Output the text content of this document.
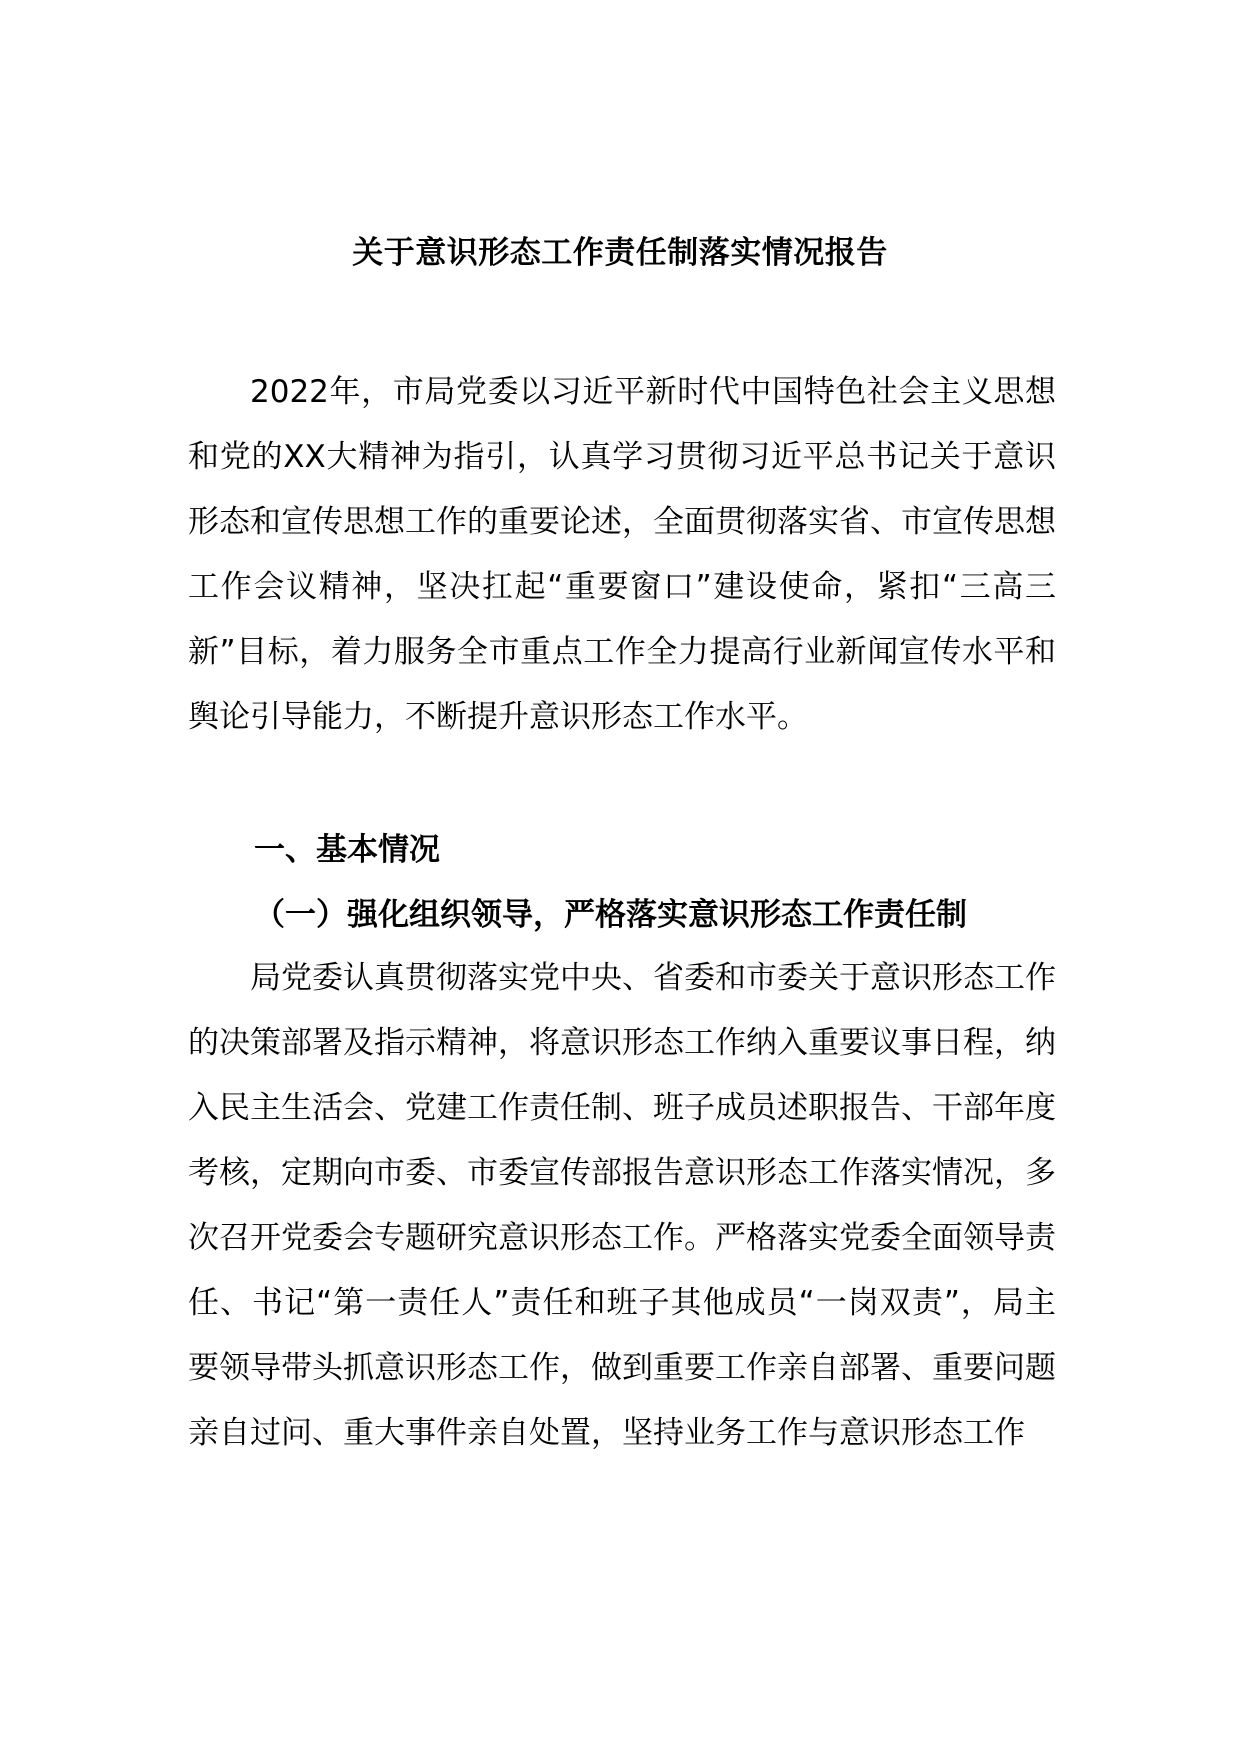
关于意识形态工作责任制落实情况报告

2022年，市局党委以习近平新时代中国特色社会主义思想和党的XX大精神为指引，认真学习贯彻习近平总书记关于意识形态和宣传思想工作的重要论述，全面贯彻落实省、市宣传思想工作会议精神，坚决扛起“重要窗口”建设使命，紧扣“三高三新”目标，着力服务全市重点工作全力提高行业新闻宣传水平和舆论引导能力，不断提升意识形态工作水平。

一、基本情况
（一）强化组织领导，严格落实意识形态工作责任制

局党委认真贯彻落实党中央、省委和市委关于意识形态工作的决策部署及指示精神，将意识形态工作纳入重要议事日程，纳入民主生活会、党建工作责任制、班子成员述职报告、干部年度考核，定期向市委、市委宣传部报告意识形态工作落实情况，多次召开党委会专题研究意识形态工作。严格落实党委全面领导责任、书记“第一责任人”责任和班子其他成员“一岗双责”，局主要领导带头抓意识形态工作，做到重要工作亲自部署、重要问题亲自过问、重大事件亲自处置，坚持业务工作与意识形态工作
